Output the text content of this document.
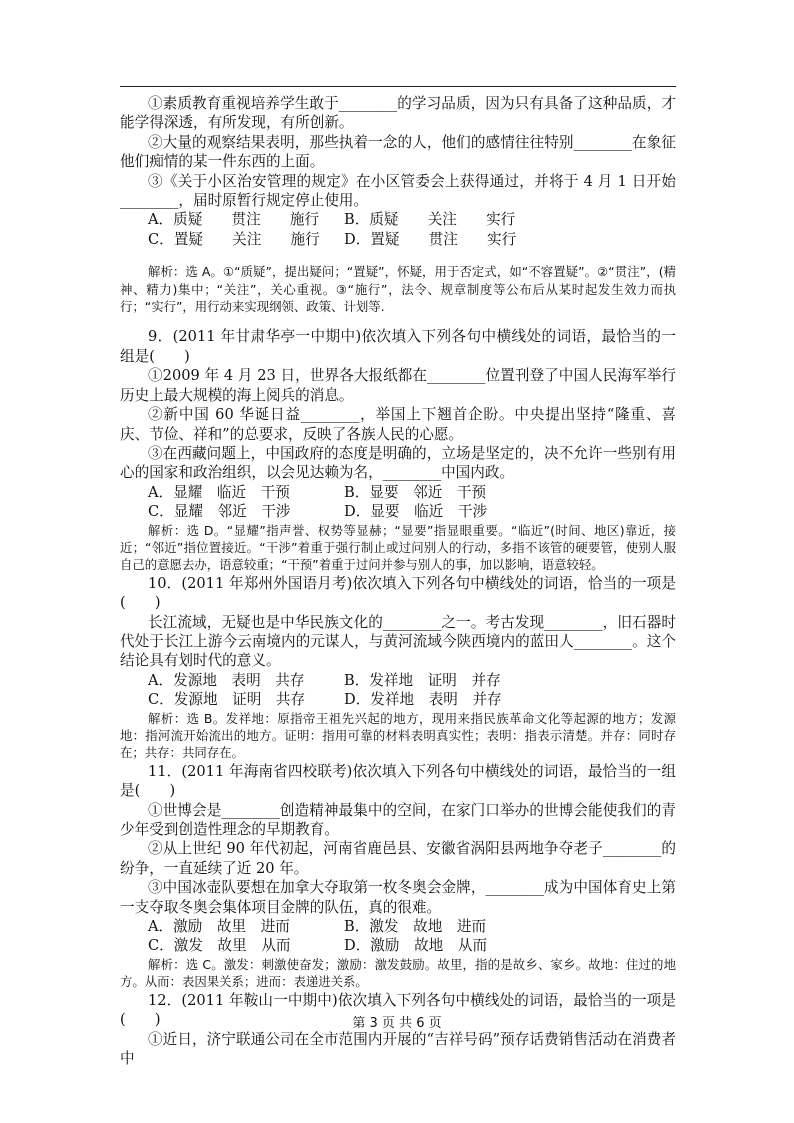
①素质教育重视培养学生敢于________的学习品质，因为只有具备了这种品质，才能学得深透，有所发现，有所创新。

②大量的观察结果表明，那些执着一念的人，他们的感情往往特别________在象征他们痴情的某一件东西的上面。

③《关于小区治安管理的规定》在小区管委会上获得通过，并将于 4 月 1 日开始________，届时原暂行规定停止使用。

A．质疑　　贯注　　施行	B．质疑　　关注　　实行

C．置疑　　关注　　施行	D．置疑　　贯注　　实行

解析：选 A。①“质疑”，提出疑问；“置疑”，怀疑，用于否定式，如“不容置疑”。②“贯注”，(精神、精力)集中；“关注”，关心重视。③“施行”，法令、规章制度等公布后从某时起发生效力而执行；“实行”，用行动来实现纲领、政策、计划等.

9．(2011 年甘肃华亭一中期中)依次填入下列各句中横线处的词语，最恰当的一组是(　　)

①2009 年 4 月 23 日，世界各大报纸都在________位置刊登了中国人民海军举行历史上最大规模的海上阅兵的消息。

②新中国 60 华诞日益________，举国上下翘首企盼。中央提出坚持“隆重、喜庆、节俭、祥和”的总要求，反映了各族人民的心愿。

③在西藏问题上，中国政府的态度是明确的，立场是坚定的，决不允许一些别有用心的国家和政治组织，以会见达赖为名，________中国内政。

A．显耀　临近　干预	B．显要　邻近　干预

C．显耀　邻近　干涉	D．显要　临近　干涉

解析：选 D。“显耀”指声誉、权势等显赫；“显要”指显眼重要。“临近”(时间、地区)靠近，接近；“邻近”指位置接近。“干涉”着重于强行制止或过问别人的行动，多指不该管的硬要管，使别人服自己的意愿去办，语意较重；“干预”着重于过问并参与别人的事，加以影响，语意较轻。

10．(2011 年郑州外国语月考)依次填入下列各句中横线处的词语，恰当的一项是(　　)

长江流域，无疑也是中华民族文化的________之一。考古发现________，旧石器时代处于长江上游今云南境内的元谋人，与黄河流域今陕西境内的蓝田人________。这个结论具有划时代的意义。

A．发源地　表明　共存	B．发祥地　证明　并存

C．发源地　证明　共存	D．发祥地　表明　并存

解析：选 B。发祥地：原指帝王祖先兴起的地方，现用来指民族革命文化等起源的地方；发源地：指河流开始流出的地方。证明：指用可靠的材料表明真实性；表明：指表示清楚。并存：同时存在；共存：共同存在。

11．(2011 年海南省四校联考)依次填入下列各句中横线处的词语，最恰当的一组是(　　)

①世博会是________创造精神最集中的空间，在家门口举办的世博会能使我们的青少年受到创造性理念的早期教育。

②从上世纪 90 年代初起，河南省鹿邑县、安徽省涡阳县两地争夺老子________的纷争，一直延续了近 20 年。

③中国冰壶队要想在加拿大夺取第一枚冬奥会金牌，________成为中国体育史上第一支夺取冬奥会集体项目金牌的队伍，真的很难。

A．激励　故里　进而	B．激发　故地　进而

C．激发　故里　从而	D．激励　故地　从而

解析：选 C。激发：刺激使奋发；激励：激发鼓励。故里，指的是故乡、家乡。故地：住过的地方。从而：表因果关系；进而：表递进关系。

12．(2011 年鞍山一中期中)依次填入下列各句中横线处的词语，最恰当的一项是(　　)

①近日，济宁联通公司在全市范围内开展的“吉祥号码”预存话费销售活动在消费者中

第 3 页 共 6 页
